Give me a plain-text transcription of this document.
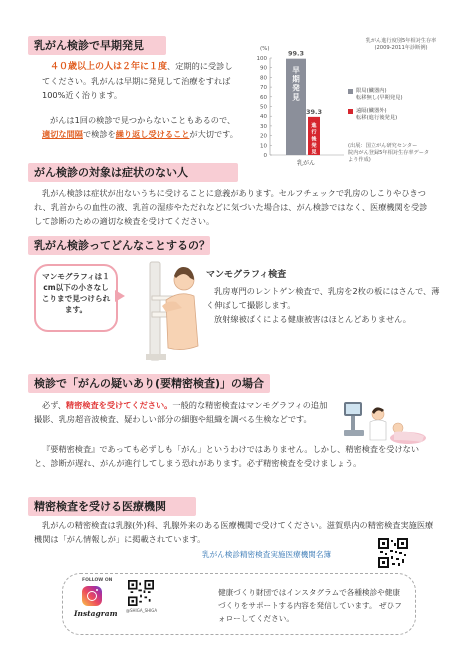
乳がん検診で早期発見
４０歳以上の人は２年に１度、定期的に受診してください。乳がんは早期に発見して治療をすれば100%近く治ります。
がんは1回の検診で見つからないこともあるので、適切な間隔で検診を繰り返し受けることが大切です。
(%)
0
10
20
30
40
50
60
70
80
90
100
99.3
早
期
発
見
39.3
進
行
後
発
見
乳がん
乳がん進行度別5年相対生存率
(2009-2011年診断例)
限局(臓器内)
転移無し(早期発見)
遠隔(臓器外)
転移(進行後発見)
(出展：国立がん研究センター
院内がん登録5年相対生存率データ
より作成)
がん検診の対象は症状のない人
乳がん検診は症状が出ないうちに受けることに意義があります。セルフチェックで乳房のしこりやひきつれ、乳首からの血性の液、乳首の湿疹やただれなどに気づいた場合は、がん検診ではなく、医療機関を受診して診断のための適切な検査を受けてください。
乳がん検診ってどんなことするの？
マンモグラフィは１cm以下の小さなしこりまで見つけられます。
マンモグラフィ検査
乳房専門のレントゲン検査で、乳房を2枚の板にはさんで、薄く伸ばして撮影します。
放射線被ばくによる健康被害はほとんどありません。
検診で「がんの疑いあり(要精密検査)」の場合
必ず、精密検査を受けてください。一般的な精密検査はマンモグラフィの追加撮影、乳房超音波検査、疑わしい部分の細胞や組織を調べる生検などです。
『要精密検査』であっても必ずしも「がん」というわけではありません。しかし、精密検査を受けないと、診断が遅れ、がんが進行してしまう恐れがあります。必ず精密検査を受けましょう。
精密検査を受ける医療機関
乳がんの精密検査は乳腺(外)科、乳腺外来のある医療機関で受けてください。滋賀県内の精密検査実施医療機関は「がん情報しが」に掲載されています。
乳がん検診精密検査実施医療機関名簿
FOLLOW ON
Instagram @SHIGA_SHIGA
健康づくり財団ではインスタグラムで各種検診や健康づくりをサポートする内容を発信しています。 ぜひフォローしてください。
